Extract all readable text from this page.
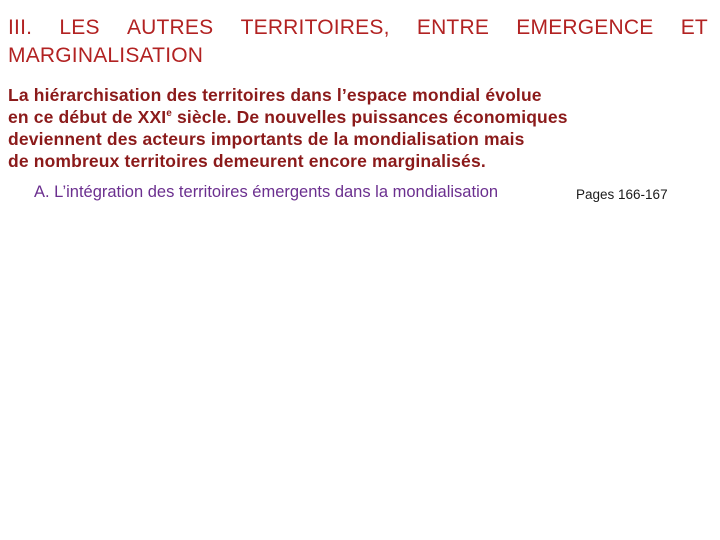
III. LES AUTRES TERRITOIRES, ENTRE EMERGENCE ET
MARGINALISATION
La hiérarchisation des territoires dans l’espace mondial évolue
en ce début de XXIe siècle. De nouvelles puissances économiques
deviennent des acteurs importants de la mondialisation mais
de nombreux territoires demeurent encore marginalisés.
A. L’intégration des territoires émergents dans la mondialisation	Pages 166-167
